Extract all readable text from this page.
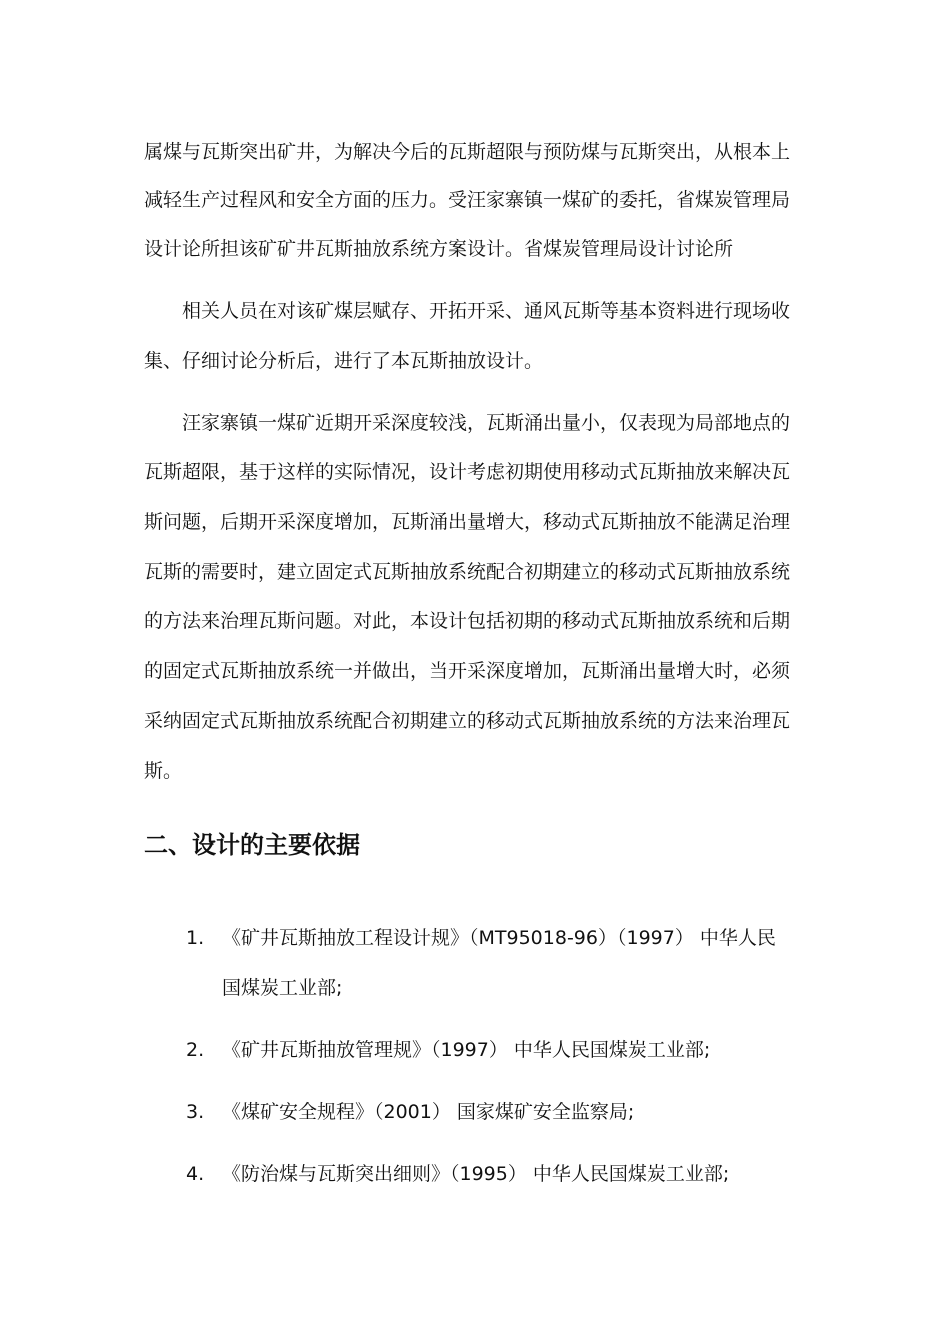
属煤与瓦斯突出矿井，为解决今后的瓦斯超限与预防煤与瓦斯突出，从根本上
减轻生产过程风和安全方面的压力。受汪家寨镇一煤矿的委托，省煤炭管理局
设计论所担该矿矿井瓦斯抽放系统方案设计。省煤炭管理局设计讨论所
相关人员在对该矿煤层赋存、开拓开采、通风瓦斯等基本资料进行现场收
集、仔细讨论分析后，进行了本瓦斯抽放设计。
汪家寨镇一煤矿近期开采深度较浅，瓦斯涌出量小，仅表现为局部地点的
瓦斯超限，基于这样的实际情况，设计考虑初期使用移动式瓦斯抽放来解决瓦
斯问题，后期开采深度增加，瓦斯涌出量增大，移动式瓦斯抽放不能满足治理
瓦斯的需要时，建立固定式瓦斯抽放系统配合初期建立的移动式瓦斯抽放系统
的方法来治理瓦斯问题。对此，本设计包括初期的移动式瓦斯抽放系统和后期
的固定式瓦斯抽放系统一并做出，当开采深度增加，瓦斯涌出量增大时，必须
采纳固定式瓦斯抽放系统配合初期建立的移动式瓦斯抽放系统的方法来治理瓦
斯。
二、设计的主要依据
1. 《矿井瓦斯抽放工程设计规》（MT95018-96）（1997） 中华人民
国煤炭工业部;
2. 《矿井瓦斯抽放管理规》（1997） 中华人民国煤炭工业部;
3. 《煤矿安全规程》（2001） 国家煤矿安全监察局;
4. 《防治煤与瓦斯突出细则》（1995） 中华人民国煤炭工业部;
